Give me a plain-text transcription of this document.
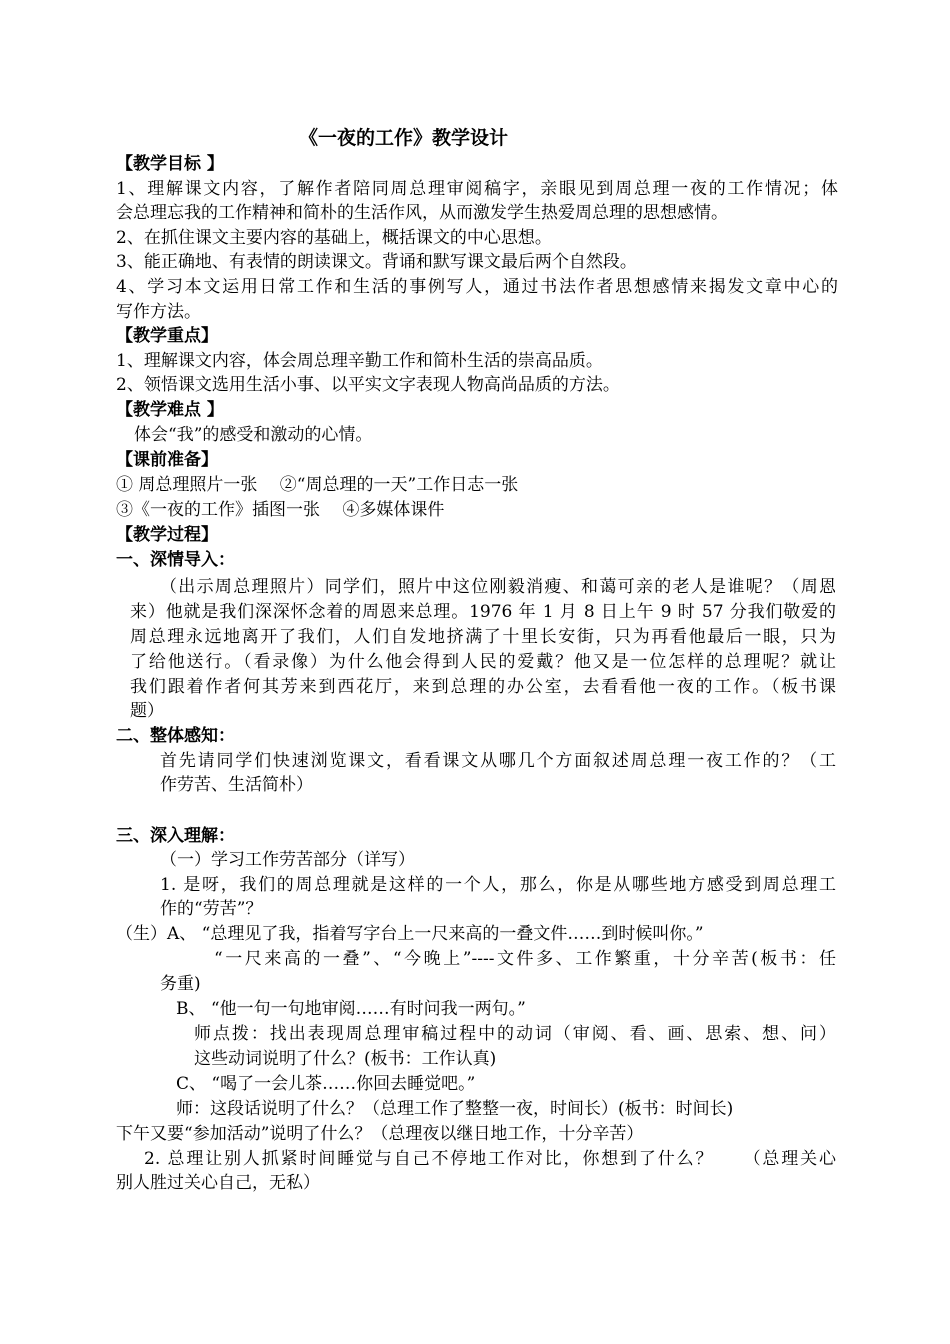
《一夜的工作》教学设计
【教学目标 】
1、理解课文内容，了解作者陪同周总理审阅稿字，亲眼见到周总理一夜的工作情况；体
会总理忘我的工作精神和简朴的生活作风，从而激发学生热爱周总理的思想感情。
2、在抓住课文主要内容的基础上，概括课文的中心思想。
3、能正确地、有表情的朗读课文。背诵和默写课文最后两个自然段。
4、学习本文运用日常工作和生活的事例写人，通过书法作者思想感情来揭发文章中心的
写作方法。
【教学重点】
1、理解课文内容，体会周总理辛勤工作和简朴生活的崇高品质。
2、领悟课文选用生活小事、以平实文字表现人物高尚品质的方法。
【教学难点 】
体会“我”的感受和激动的心情。
【课前准备】
① 周总理照片一张　 ②“周总理的一天”工作日志一张
③《一夜的工作》插图一张　 ④多媒体课件
【教学过程】
一、深情导入：
（出示周总理照片）同学们，照片中这位刚毅消瘦、和蔼可亲的老人是谁呢？（周恩
来）他就是我们深深怀念着的周恩来总理。1976 年 1 月 8 日上午 9 时 57 分我们敬爱的
周总理永远地离开了我们，人们自发地挤满了十里长安街，只为再看他最后一眼，只为
了给他送行。（看录像）为什么他会得到人民的爱戴？他又是一位怎样的总理呢？就让
我们跟着作者何其芳来到西花厅，来到总理的办公室，去看看他一夜的工作。（板书课
题）
二、整体感知：
首先请同学们快速浏览课文，看看课文从哪几个方面叙述周总理一夜工作的？（工
作劳苦、生活简朴）
三、深入理解：
（一）学习工作劳苦部分（详写）
1. 是呀，我们的周总理就是这样的一个人，那么，你是从哪些地方感受到周总理工
作的“劳苦”？
（生）A、 “总理见了我，指着写字台上一尺来高的一叠文件……到时候叫你。”
“一尺来高的一叠”、“今晚上”----文件多、工作繁重，十分辛苦(板书：任
务重)
B、 “他一句一句地审阅……有时问我一两句。”
师点拨：找出表现周总理审稿过程中的动词（审阅、看、画、思索、想、问）
这些动词说明了什么？(板书：工作认真)
C、 “喝了一会儿茶……你回去睡觉吧。”
师：这段话说明了什么？（总理工作了整整一夜，时间长）(板书：时间长)
下午又要“参加活动”说明了什么？（总理夜以继日地工作，十分辛苦）
2. 总理让别人抓紧时间睡觉与自己不停地工作对比，你想到了什么？　　（总理关心
别人胜过关心自己，无私）
